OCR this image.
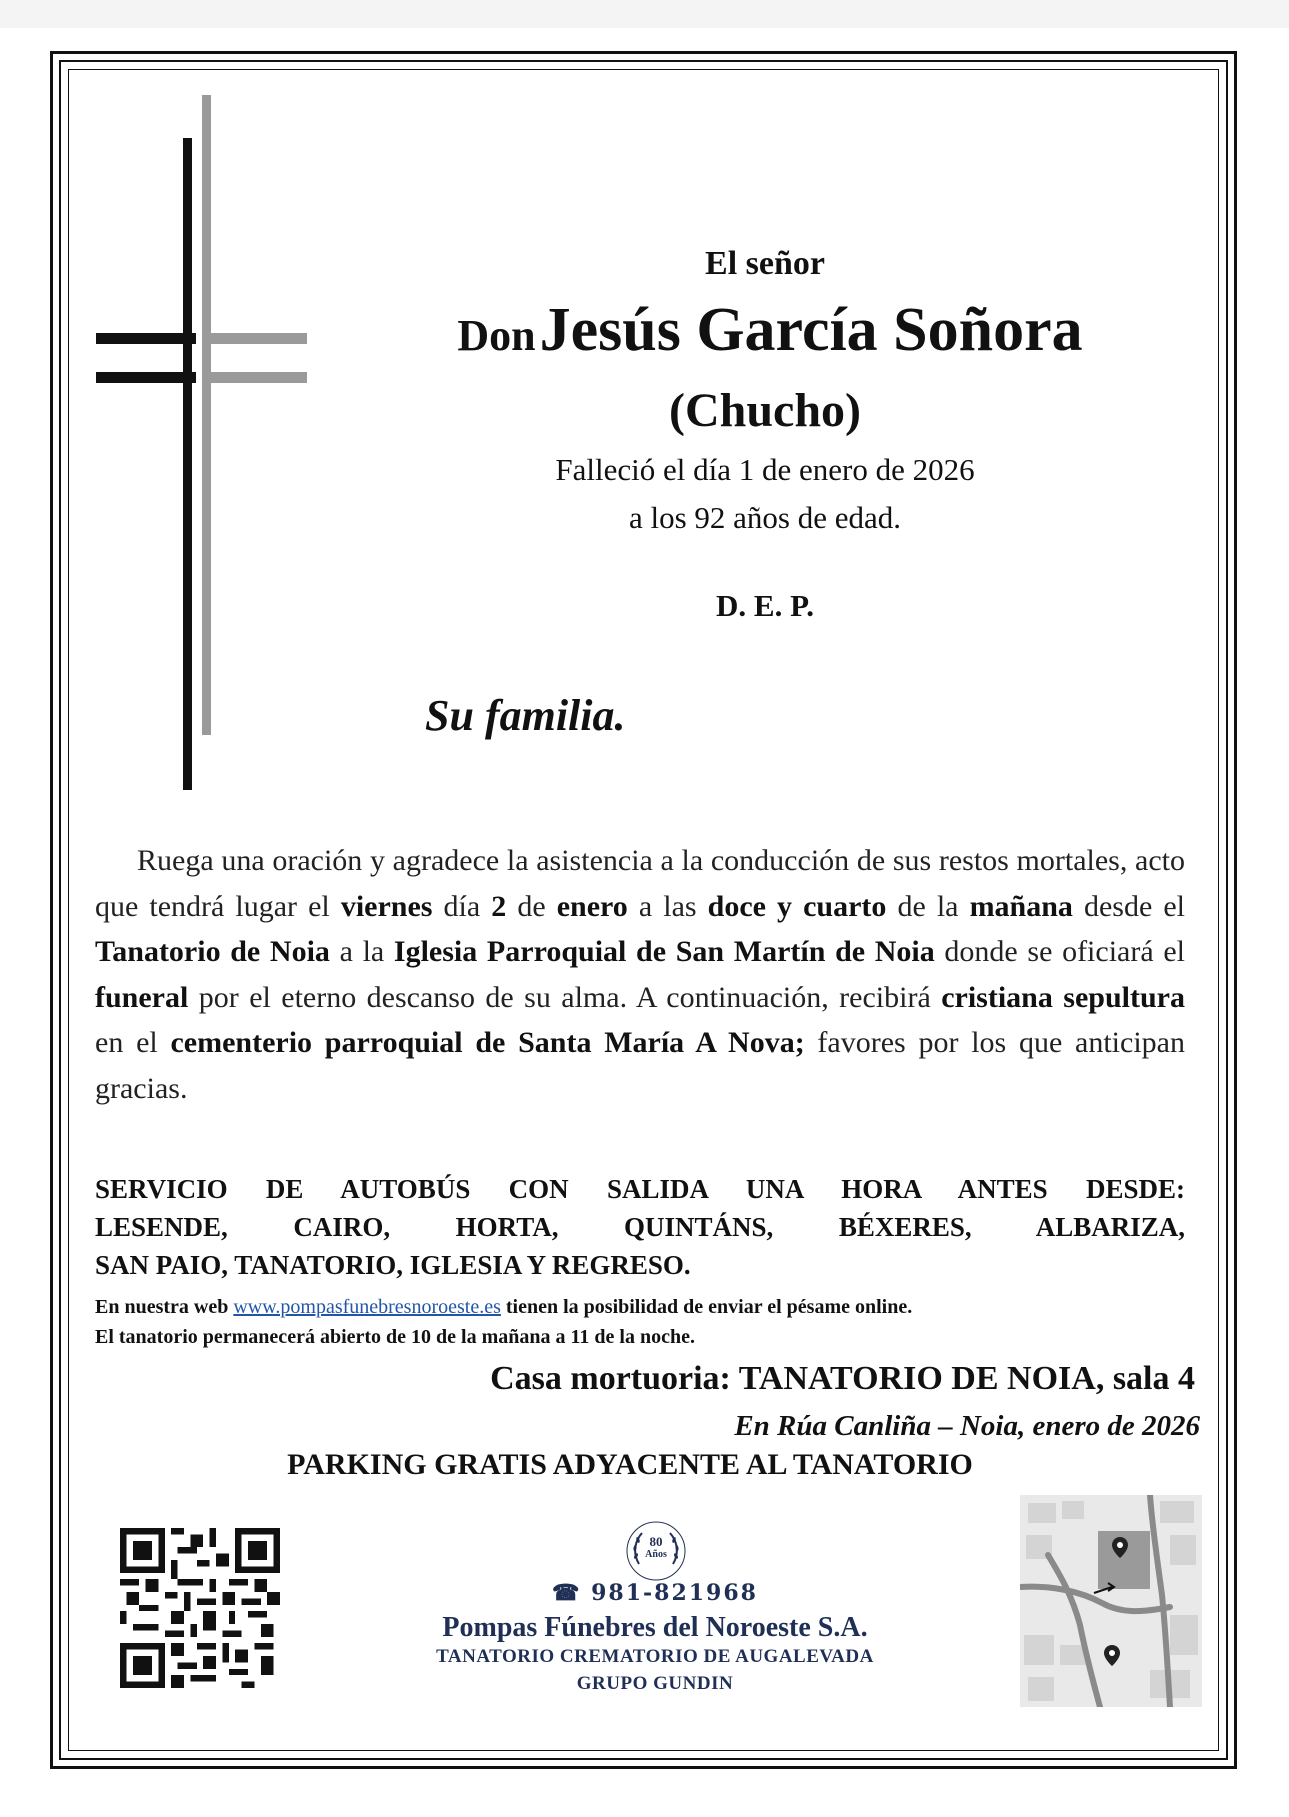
El señor
Don Jesús García Soñora
(Chucho)
Falleció el día 1 de enero de 2026
a los 92 años de edad.
D. E. P.
Su familia.
Ruega una oración y agradece la asistencia a la conducción de sus restos mortales, acto que tendrá lugar el viernes día 2 de enero a las doce y cuarto de la mañana desde el Tanatorio de Noia a la Iglesia Parroquial de San Martín de Noia donde se oficiará el funeral por el eterno descanso de su alma. A continuación, recibirá cristiana sepultura en el cementerio parroquial de Santa María A Nova; favores por los que anticipan gracias.
SERVICIO DE AUTOBÚS CON SALIDA UNA HORA ANTES DESDE:
LESENDE, CAIRO, HORTA, QUINTÁNS, BÉXERES, ALBARIZA,
SAN PAIO, TANATORIO, IGLESIA Y REGRESO.
En nuestra web www.pompasfunebresnoroeste.es tienen la posibilidad de enviar el pésame online.
El tanatorio permanecerá abierto de 10 de la mañana a 11 de la noche.
Casa mortuoria: TANATORIO DE NOIA, sala 4
En Rúa Canliña – Noia, enero de 2026
PARKING GRATIS ADYACENTE AL TANATORIO
80
Años
☎ 981-821968
Pompas Fúnebres del Noroeste S.A.
TANATORIO CREMATORIO DE AUGALEVADA
GRUPO GUNDIN
